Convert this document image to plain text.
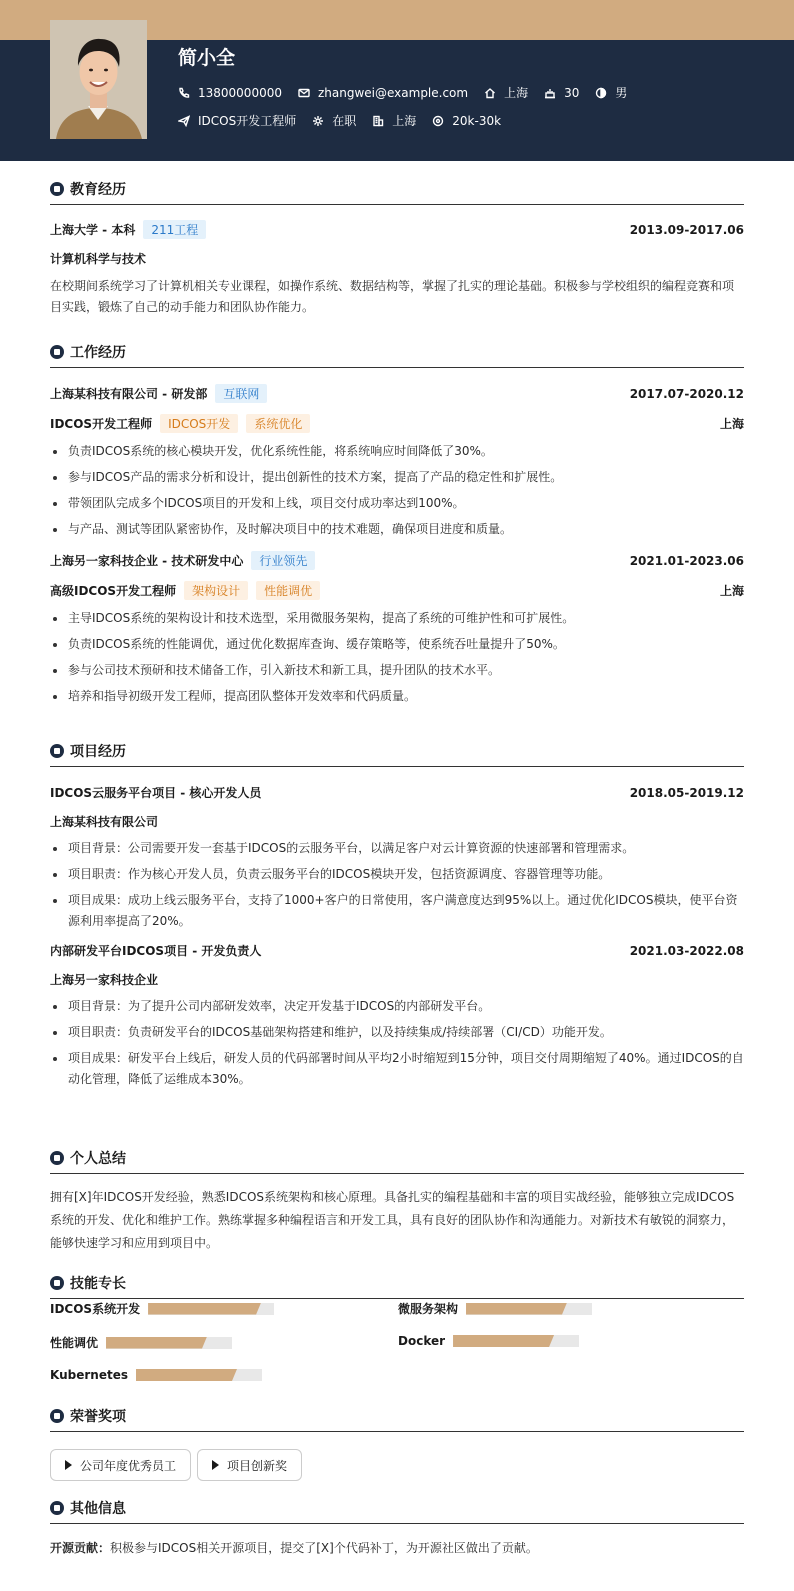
简小全
13800000000	zhangwei@example.com	上海	30	男
IDCOS开发工程师	在职	上海	20k-30k
教育经历
上海大学 - 本科 211工程	2013.09-2017.06
计算机科学与技术
在校期间系统学习了计算机相关专业课程，如操作系统、数据结构等，掌握了扎实的理论基础。积极参与学校组织的编程竞赛和项目实践，锻炼了自己的动手能力和团队协作能力。
工作经历
上海某科技有限公司 - 研发部 互联网	2017.07-2020.12
IDCOS开发工程师 IDCOS开发 系统优化	上海
负责IDCOS系统的核心模块开发，优化系统性能，将系统响应时间降低了30%。
参与IDCOS产品的需求分析和设计，提出创新性的技术方案，提高了产品的稳定性和扩展性。
带领团队完成多个IDCOS项目的开发和上线，项目交付成功率达到100%。
与产品、测试等团队紧密协作，及时解决项目中的技术难题，确保项目进度和质量。
上海另一家科技企业 - 技术研发中心 行业领先	2021.01-2023.06
高级IDCOS开发工程师 架构设计 性能调优	上海
主导IDCOS系统的架构设计和技术选型，采用微服务架构，提高了系统的可维护性和可扩展性。
负责IDCOS系统的性能调优，通过优化数据库查询、缓存策略等，使系统吞吐量提升了50%。
参与公司技术预研和技术储备工作，引入新技术和新工具，提升团队的技术水平。
培养和指导初级开发工程师，提高团队整体开发效率和代码质量。
项目经历
IDCOS云服务平台项目 - 核心开发人员	2018.05-2019.12
上海某科技有限公司
项目背景：公司需要开发一套基于IDCOS的云服务平台，以满足客户对云计算资源的快速部署和管理需求。
项目职责：作为核心开发人员，负责云服务平台的IDCOS模块开发，包括资源调度、容器管理等功能。
项目成果：成功上线云服务平台，支持了1000+客户的日常使用，客户满意度达到95%以上。通过优化IDCOS模块，使平台资源利用率提高了20%。
内部研发平台IDCOS项目 - 开发负责人	2021.03-2022.08
上海另一家科技企业
项目背景：为了提升公司内部研发效率，决定开发基于IDCOS的内部研发平台。
项目职责：负责研发平台的IDCOS基础架构搭建和维护，以及持续集成/持续部署（CI/CD）功能开发。
项目成果：研发平台上线后，研发人员的代码部署时间从平均2小时缩短到15分钟，项目交付周期缩短了40%。通过IDCOS的自动化管理，降低了运维成本30%。
个人总结
拥有[X]年IDCOS开发经验，熟悉IDCOS系统架构和核心原理。具备扎实的编程基础和丰富的项目实战经验，能够独立完成IDCOS系统的开发、优化和维护工作。熟练掌握多种编程语言和开发工具，具有良好的团队协作和沟通能力。对新技术有敏锐的洞察力，能够快速学习和应用到项目中。
技能专长
IDCOS系统开发	微服务架构
性能调优	Docker
Kubernetes
荣誉奖项
公司年度优秀员工	项目创新奖
其他信息
开源贡献：积极参与IDCOS相关开源项目，提交了[X]个代码补丁，为开源社区做出了贡献。
